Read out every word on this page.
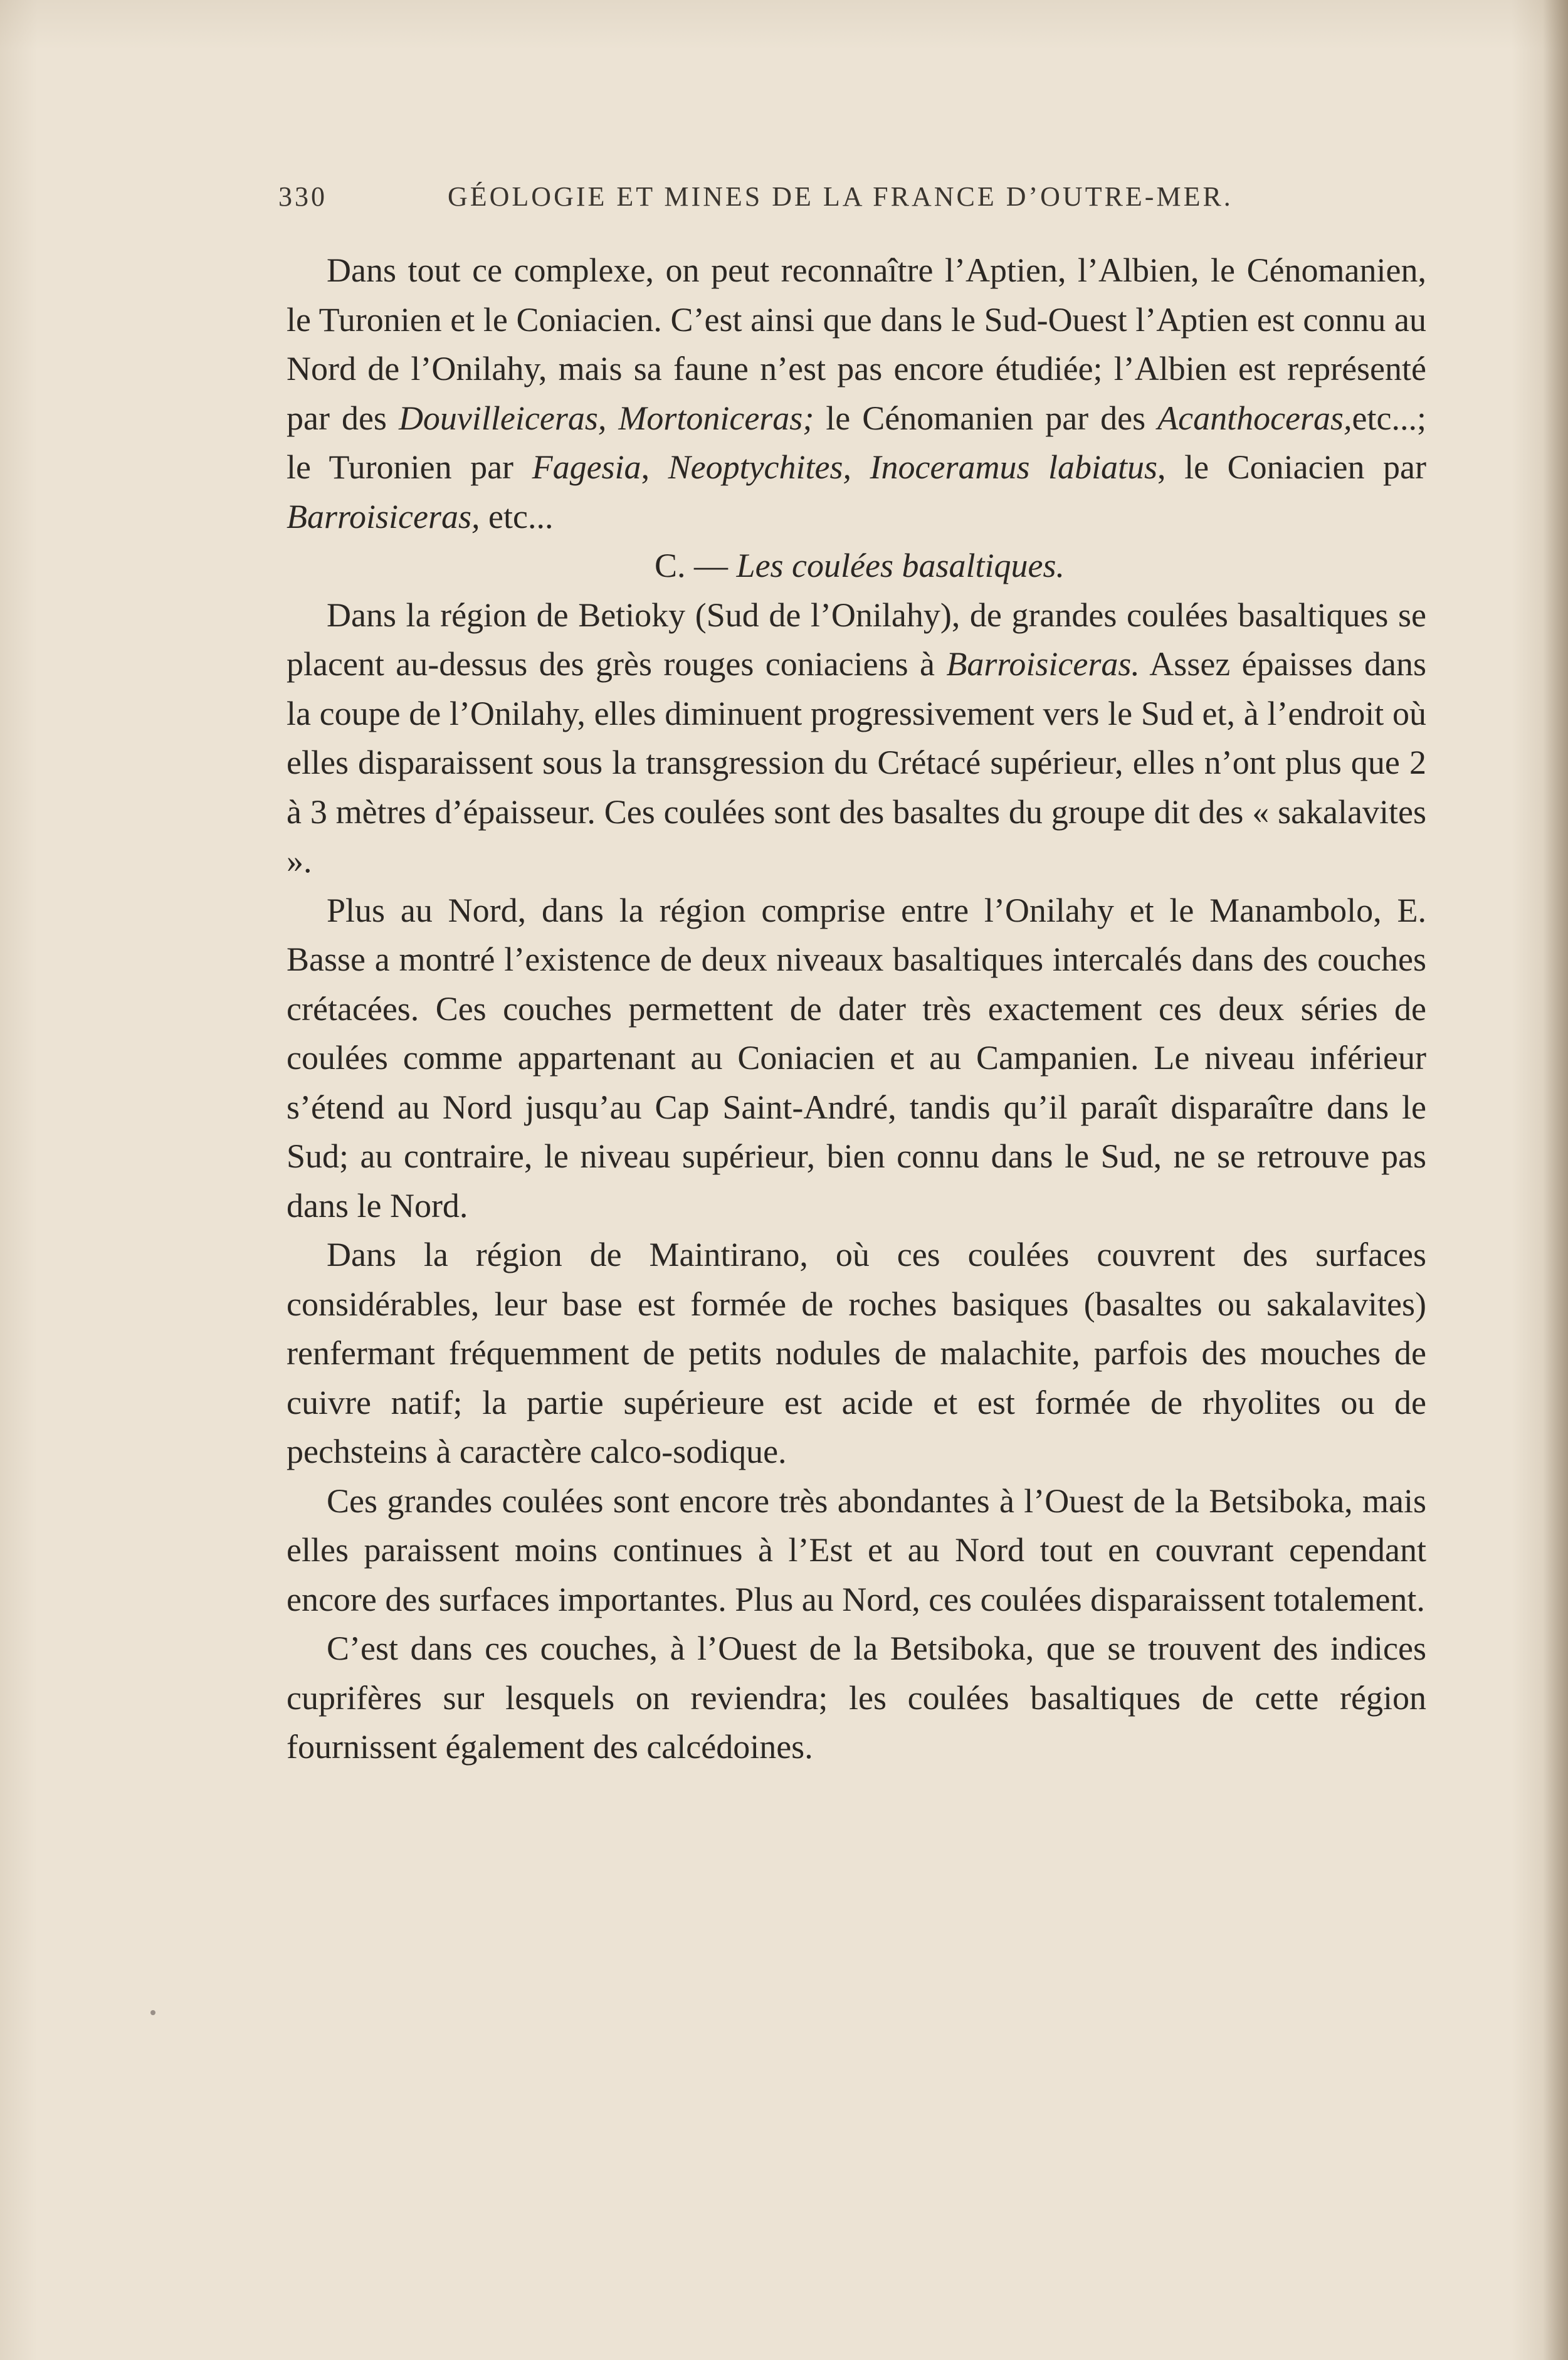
330	GÉOLOGIE ET MINES DE LA FRANCE D’OUTRE-MER.

Dans tout ce complexe, on peut reconnaître l’Aptien, l’Albien, le Cénomanien, le Turonien et le Coniacien. C’est ainsi que dans le Sud-Ouest l’Aptien est connu au Nord de l’Onilahy, mais sa faune n’est pas encore étudiée; l’Albien est représenté par des Douvilleiceras, Mortoniceras; le Cénomanien par des Acanthoceras,etc...; le Turonien par Fagesia, Neoptychites, Inoceramus labiatus, le Coniacien par Barroisiceras, etc...

C. — Les coulées basaltiques.

Dans la région de Betioky (Sud de l’Onilahy), de grandes coulées basaltiques se placent au-dessus des grès rouges coniaciens à Barroisiceras. Assez épaisses dans la coupe de l’Onilahy, elles diminuent progressivement vers le Sud et, à l’endroit où elles disparaissent sous la transgression du Crétacé supérieur, elles n’ont plus que 2 à 3 mètres d’épaisseur. Ces coulées sont des basaltes du groupe dit des « sakalavites ».

Plus au Nord, dans la région comprise entre l’Onilahy et le Manambolo, E. Basse a montré l’existence de deux niveaux basaltiques intercalés dans des couches crétacées. Ces couches permettent de dater très exactement ces deux séries de coulées comme appartenant au Coniacien et au Campanien. Le niveau inférieur s’étend au Nord jusqu’au Cap Saint-André, tandis qu’il paraît disparaître dans le Sud; au contraire, le niveau supérieur, bien connu dans le Sud, ne se retrouve pas dans le Nord.

Dans la région de Maintirano, où ces coulées couvrent des surfaces considérables, leur base est formée de roches basiques (basaltes ou sakalavites) renfermant fréquemment de petits nodules de malachite, parfois des mouches de cuivre natif; la partie supérieure est acide et est formée de rhyolites ou de pechsteins à caractère calco-sodique.

Ces grandes coulées sont encore très abondantes à l’Ouest de la Betsiboka, mais elles paraissent moins continues à l’Est et au Nord tout en couvrant cependant encore des surfaces importantes. Plus au Nord, ces coulées disparaissent totalement.

C’est dans ces couches, à l’Ouest de la Betsiboka, que se trouvent des indices cuprifères sur lesquels on reviendra; les coulées basaltiques de cette région fournissent également des calcédoines.
